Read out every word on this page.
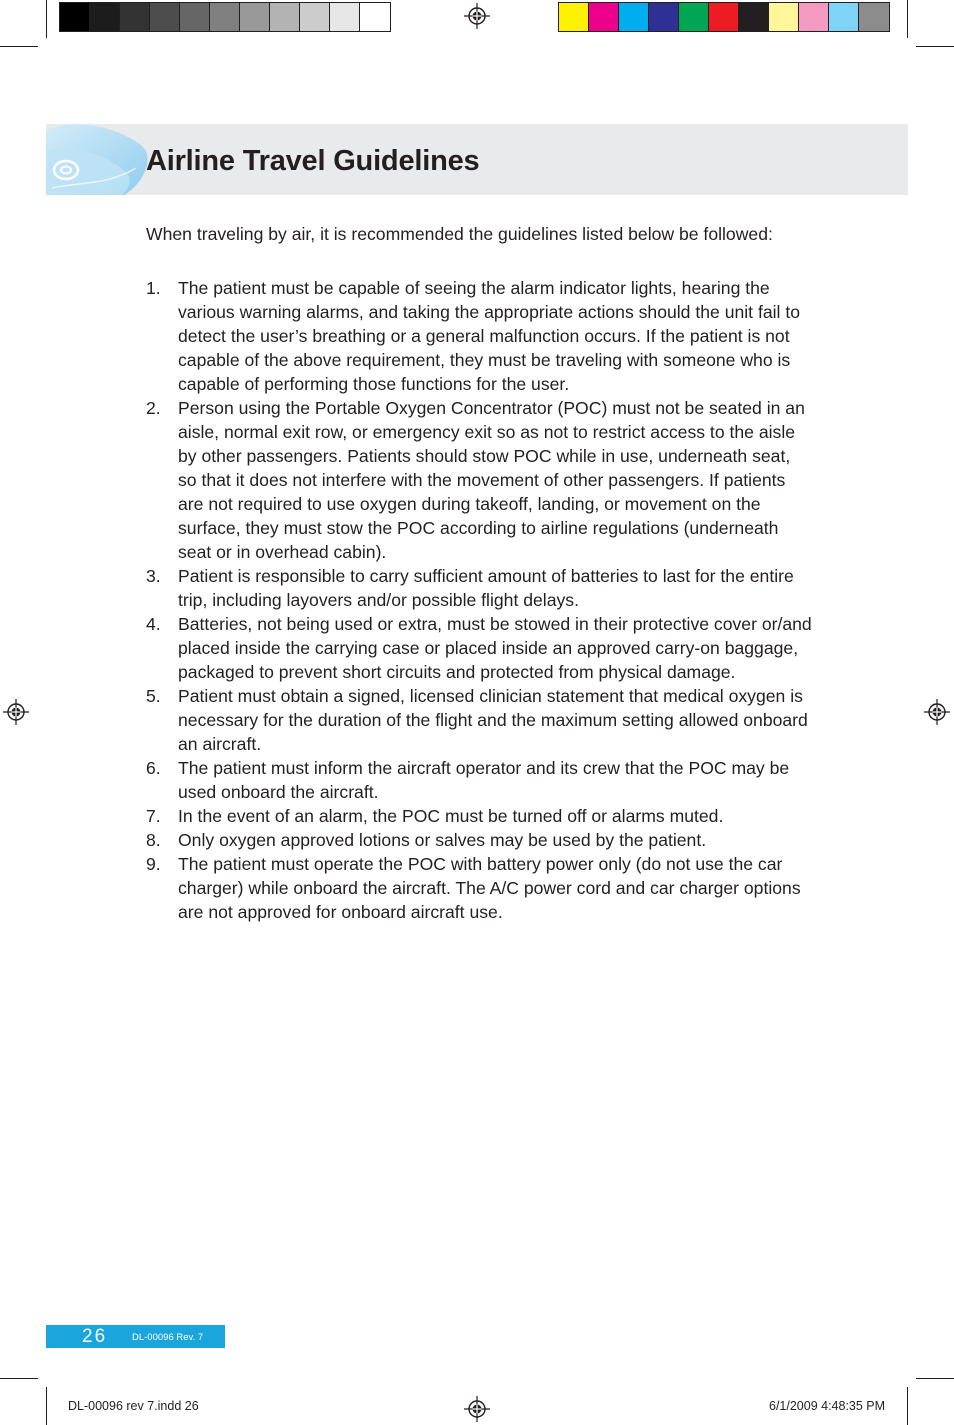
Airline Travel Guidelines

When traveling by air, it is recommended the guidelines listed below be followed:

1. The patient must be capable of seeing the alarm indicator lights, hearing the various warning alarms, and taking the appropriate actions should the unit fail to detect the user’s breathing or a general malfunction occurs. If the patient is not capable of the above requirement, they must be traveling with someone who is capable of performing those functions for the user.
2. Person using the Portable Oxygen Concentrator (POC) must not be seated in an aisle, normal exit row, or emergency exit so as not to restrict access to the aisle by other passengers. Patients should stow POC while in use, underneath seat, so that it does not interfere with the movement of other passengers. If patients are not required to use oxygen during takeoff, landing, or movement on the surface, they must stow the POC according to airline regulations (underneath seat or in overhead cabin).
3. Patient is responsible to carry sufficient amount of batteries to last for the entire trip, including layovers and/or possible flight delays.
4. Batteries, not being used or extra, must be stowed in their protective cover or/and placed inside the carrying case or placed inside an approved carry-on baggage, packaged to prevent short circuits and protected from physical damage.
5. Patient must obtain a signed, licensed clinician statement that medical oxygen is necessary for the duration of the flight and the maximum setting allowed onboard an aircraft.
6. The patient must inform the aircraft operator and its crew that the POC may be used onboard the aircraft.
7. In the event of an alarm, the POC must be turned off or alarms muted.
8. Only oxygen approved lotions or salves may be used by the patient.
9. The patient must operate the POC with battery power only (do not use the car charger) while onboard the aircraft. The A/C power cord and car charger options are not approved for onboard aircraft use.
26	DL-00096 Rev. 7
DL-00096 rev 7.indd 26	6/1/2009 4:48:35 PM
